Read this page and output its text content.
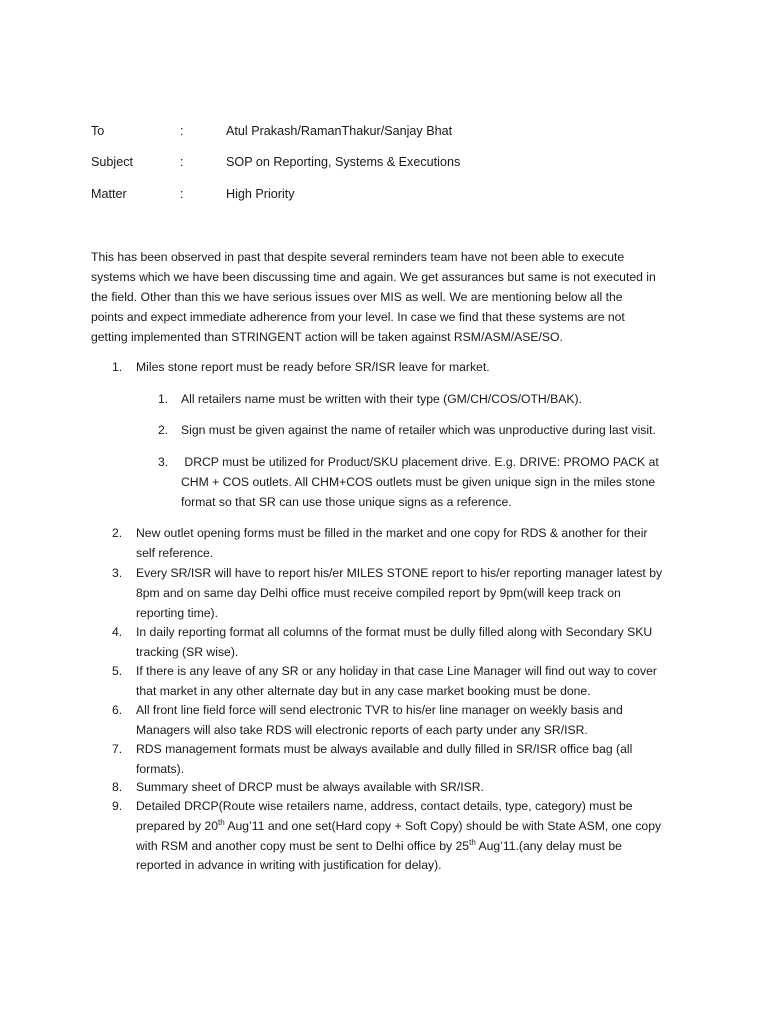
To	:	Atul Prakash/RamanThakur/Sanjay Bhat
Subject	:	SOP on Reporting, Systems & Executions
Matter	:	High Priority
This has been observed in past that despite several reminders team have not been able to execute
systems which we have been discussing time and again. We get assurances but same is not executed in
the field. Other than this we have serious issues over MIS as well. We are mentioning below all the
points and expect immediate adherence from your level. In case we find that these systems are not
getting implemented than STRINGENT action will be taken against RSM/ASM/ASE/SO.
1. Miles stone report must be ready before SR/ISR leave for market.
1. All retailers name must be written with their type (GM/CH/COS/OTH/BAK).
2. Sign must be given against the name of retailer which was unproductive during last visit.
3. DRCP must be utilized for Product/SKU placement drive. E.g. DRIVE: PROMO PACK at
CHM + COS outlets. All CHM+COS outlets must be given unique sign in the miles stone
format so that SR can use those unique signs as a reference.
2. New outlet opening forms must be filled in the market and one copy for RDS & another for their
self reference.
3. Every SR/ISR will have to report his/er MILES STONE report to his/er reporting manager latest by
8pm and on same day Delhi office must receive compiled report by 9pm(will keep track on
reporting time).
4. In daily reporting format all columns of the format must be dully filled along with Secondary SKU
tracking (SR wise).
5. If there is any leave of any SR or any holiday in that case Line Manager will find out way to cover
that market in any other alternate day but in any case market booking must be done.
6. All front line field force will send electronic TVR to his/er line manager on weekly basis and
Managers will also take RDS will electronic reports of each party under any SR/ISR.
7. RDS management formats must be always available and dully filled in SR/ISR office bag (all
formats).
8. Summary sheet of DRCP must be always available with SR/ISR.
9. Detailed DRCP(Route wise retailers name, address, contact details, type, category) must be
prepared by 20th Aug’11 and one set(Hard copy + Soft Copy) should be with State ASM, one copy
with RSM and another copy must be sent to Delhi office by 25th Aug’11.(any delay must be
reported in advance in writing with justification for delay).
